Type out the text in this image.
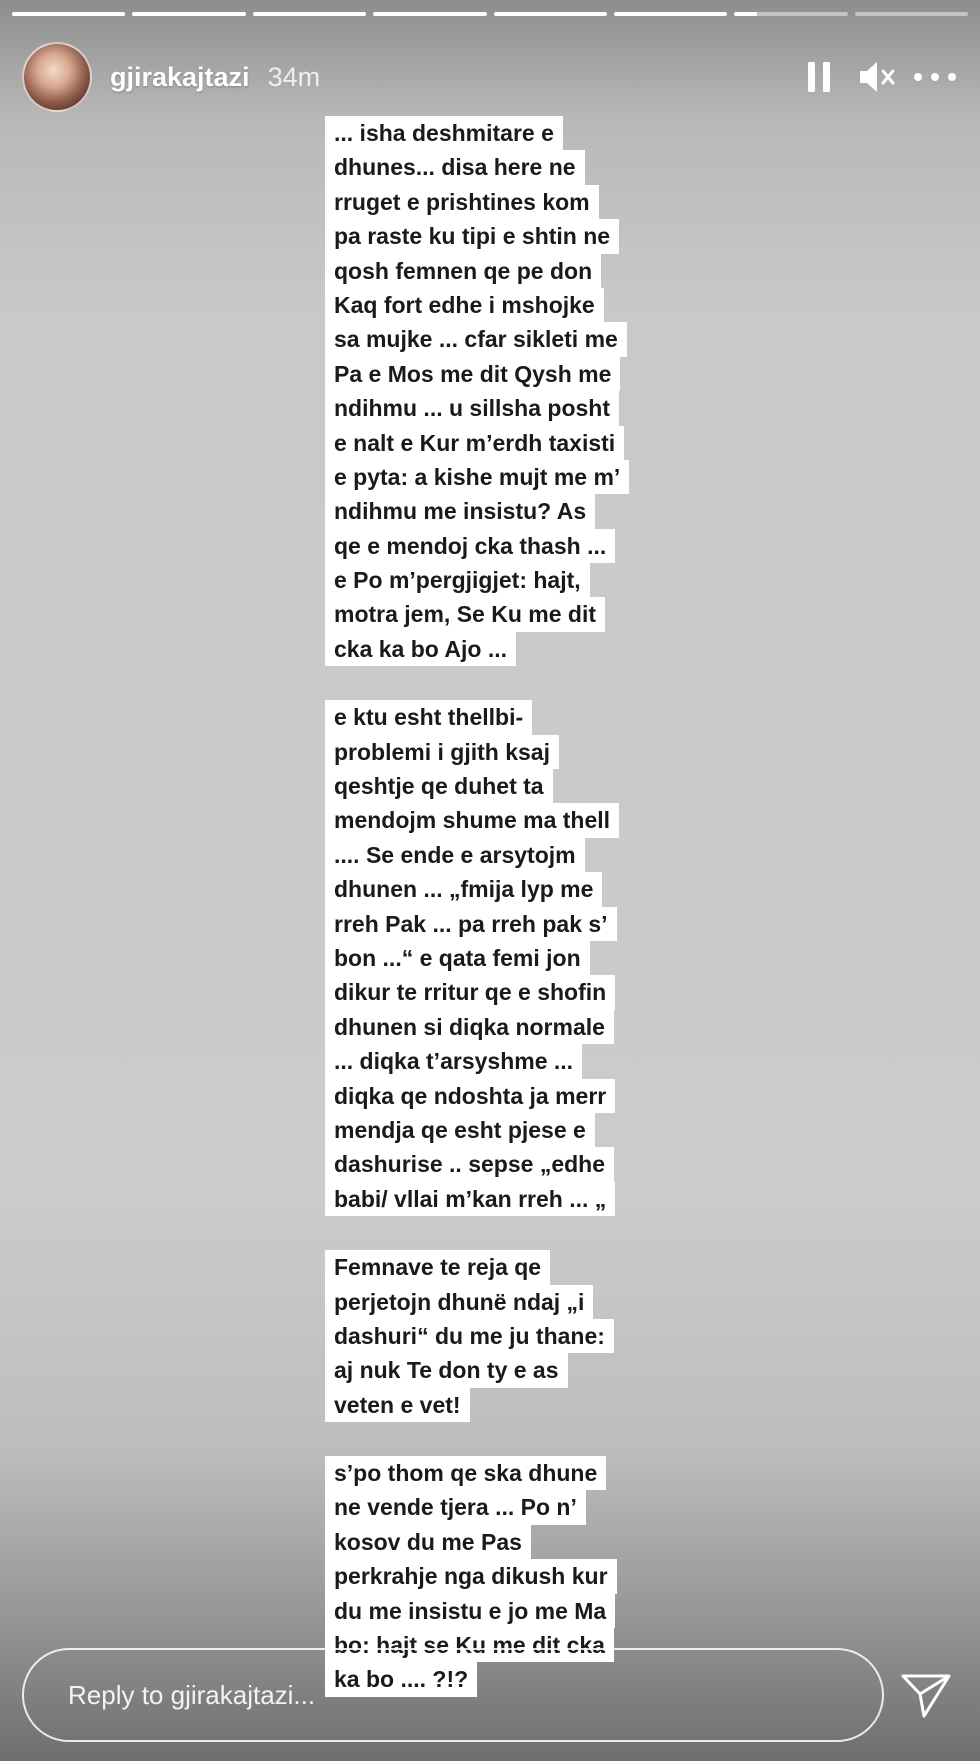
gjirakajtazi 34m
... isha deshmitare e
dhunes... disa here ne
rruget e prishtines kom
pa raste ku tipi e shtin ne
qosh femnen qe pe don
Kaq fort edhe i mshojke
sa mujke ... cfar sikleti me
Pa e Mos me dit Qysh me
ndihmu ... u sillsha posht
e nalt e Kur m’erdh taxisti
e pyta: a kishe mujt me m’
ndihmu me insistu? As
qe e mendoj cka thash ...
e Po m’pergjigjet: hajt,
motra jem, Se Ku me dit
cka ka bo Ajo ...
e ktu esht thellbi-
problemi i gjith ksaj
qeshtje qe duhet ta
mendojm shume ma thell
.... Se ende e arsytojm
dhunen ... „fmija lyp me
rreh Pak ... pa rreh pak s’
bon ...“ e qata femi jon
dikur te rritur qe e shofin
dhunen si diqka normale
... diqka t’arsyshme ...
diqka qe ndoshta ja merr
mendja qe esht pjese e
dashurise .. sepse „edhe
babi/ vllai m’kan rreh ... „
Femnave te reja qe
perjetojn dhunë ndaj „i
dashuri“ du me ju thane:
aj nuk Te don ty e as
veten e vet!
s’po thom qe ska dhune
ne vende tjera ... Po n’
kosov du me Pas
perkrahje nga dikush kur
du me insistu e jo me Ma
bo: hajt se Ku me dit cka
ka bo .... ?!?
Reply to gjirakajtazi...
